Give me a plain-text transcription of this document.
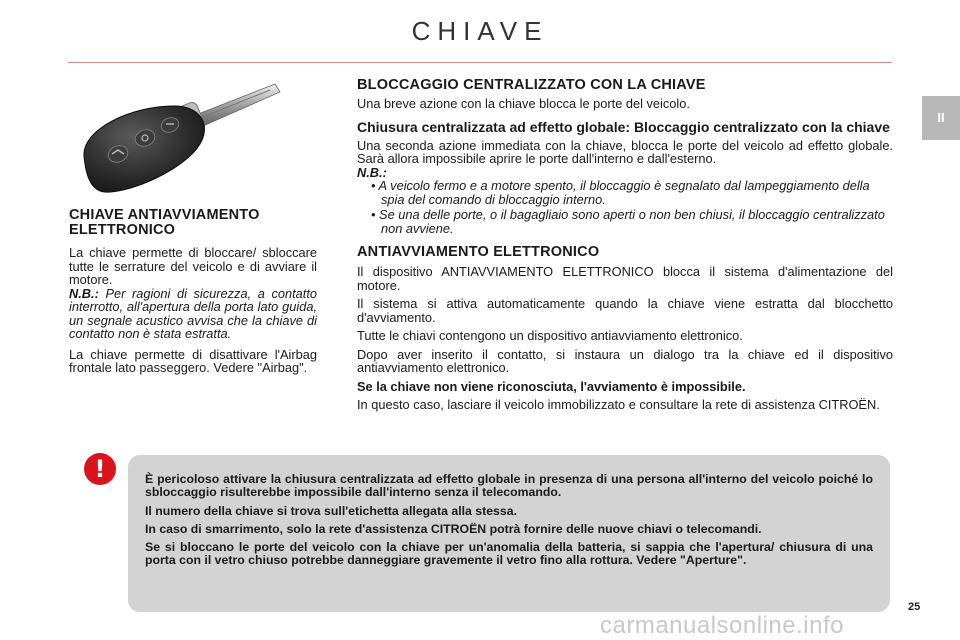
CHIAVE
II
CHIAVE ANTIAVVIAMENTO ELETTRONICO

La chiave permette di bloccare/ sbloccare tutte le serrature del veicolo e di avviare il motore.

N.B.: Per ragioni di sicurezza, a contatto interrotto, all'apertura della porta lato guida, un segnale acustico avvisa che la chiave di contatto non è stata estratta.

La chiave permette di disattivare l'Airbag frontale lato passeggero. Vedere "Airbag".

BLOCCAGGIO CENTRALIZZATO CON LA CHIAVE

Una breve azione con la chiave blocca le porte del veicolo.

Chiusura centralizzata ad effetto globale: Bloccaggio centralizzato con la chiave

Una seconda azione immediata con la chiave, blocca le porte del veicolo ad effetto globale. Sarà allora impossibile aprire le porte dall'interno e dall'esterno.

N.B.:

• A veicolo fermo e a motore spento, il bloccaggio è segnalato dal lampeggiamento della spia del comando di bloccaggio interno.

• Se una delle porte, o il bagagliaio sono aperti o non ben chiusi, il bloccaggio centralizzato non avviene.

ANTIAVVIAMENTO ELETTRONICO

Il dispositivo ANTIAVVIAMENTO ELETTRONICO blocca il sistema d'alimentazione del motore.

Il sistema si attiva automaticamente quando la chiave viene estratta dal blocchetto d'avviamento.

Tutte le chiavi contengono un dispositivo antiavviamento elettronico.

Dopo aver inserito il contatto, si instaura un dialogo tra la chiave ed il dispositivo antiavviamento elettronico.

Se la chiave non viene riconosciuta, l'avviamento è impossibile.

In questo caso, lasciare il veicolo immobilizzato e consultare la rete di assistenza CITROËN.

!	È pericoloso attivare la chiusura centralizzata ad effetto globale in presenza di una persona all'interno del veicolo poiché lo sbloccaggio risulterebbe impossibile dall'interno senza il telecomando.

Il numero della chiave si trova sull'etichetta allegata alla stessa.

In caso di smarrimento, solo la rete d'assistenza CITROËN potrà fornire delle nuove chiavi o telecomandi.

Se si bloccano le porte del veicolo con la chiave per un'anomalia della batteria, si sappia che l'apertura/ chiusura di una porta con il vetro chiuso potrebbe danneggiare gravemente il vetro fino alla rottura. Vedere "Aperture".

25
carmanualsonline.info
